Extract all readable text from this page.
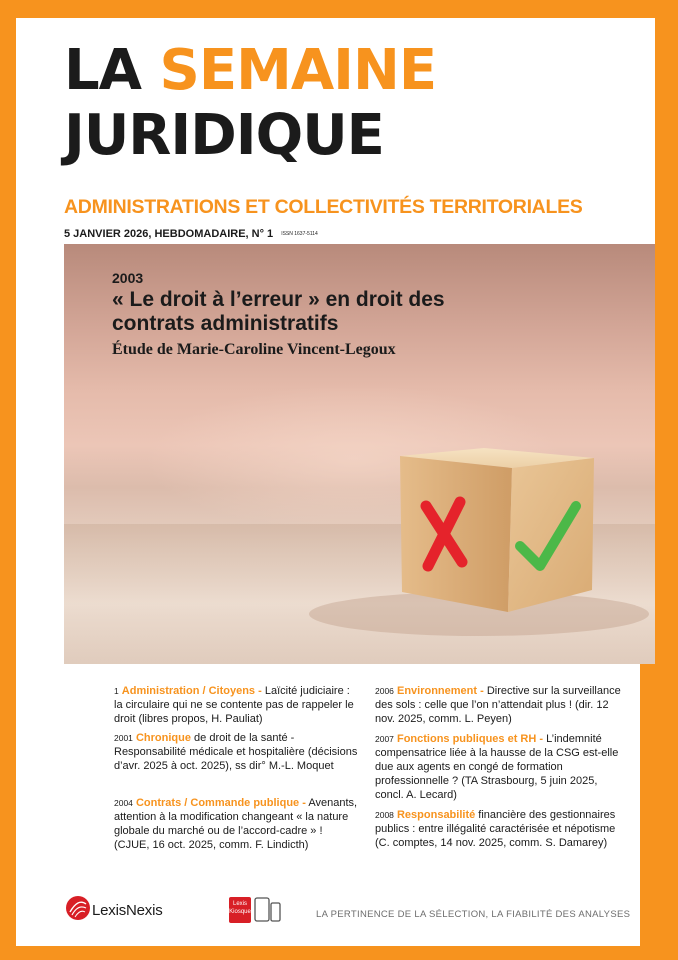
LA SEMAINE
JURIDIQUE
ADMINISTRATIONS ET COLLECTIVITÉS TERRITORIALES
5 JANVIER 2026, HEBDOMADAIRE, N° 1 ISSN 1637-5114
2003
« Le droit à l’erreur » en droit des contrats administratifs
Étude de Marie-Caroline Vincent-Legoux
1 Administration / Citoyens - Laïcité judiciaire : la circulaire qui ne se contente pas de rappeler le droit (libres propos, H. Pauliat)
2001 Chronique de droit de la santé - Responsabilité médicale et hospitalière (décisions d’avr. 2025 à oct. 2025), ss dir° M.-L. Moquet
2004 Contrats / Commande publique - Avenants, attention à la modification changeant « la nature globale du marché ou de l’accord-cadre » ! (CJUE, 16 oct. 2025, comm. F. Lindicth)
2006 Environnement - Directive sur la surveillance des sols : celle que l’on n’attendait plus ! (dir. 12 nov. 2025, comm. L. Peyen)
2007 Fonctions publiques et RH - L’indemnité compensatrice liée à la hausse de la CSG est-elle due aux agents en congé de formation professionnelle ? (TA Strasbourg, 5 juin 2025, concl. A. Lecard)
2008 Responsabilité financière des gestionnaires publics : entre illégalité caractérisée et népotisme (C. comptes, 14 nov. 2025, comm. S. Damarey)
LexisNexis	Lexis
Kiosque	LA PERTINENCE DE LA SÉLECTION, LA FIABILITÉ DES ANALYSES
